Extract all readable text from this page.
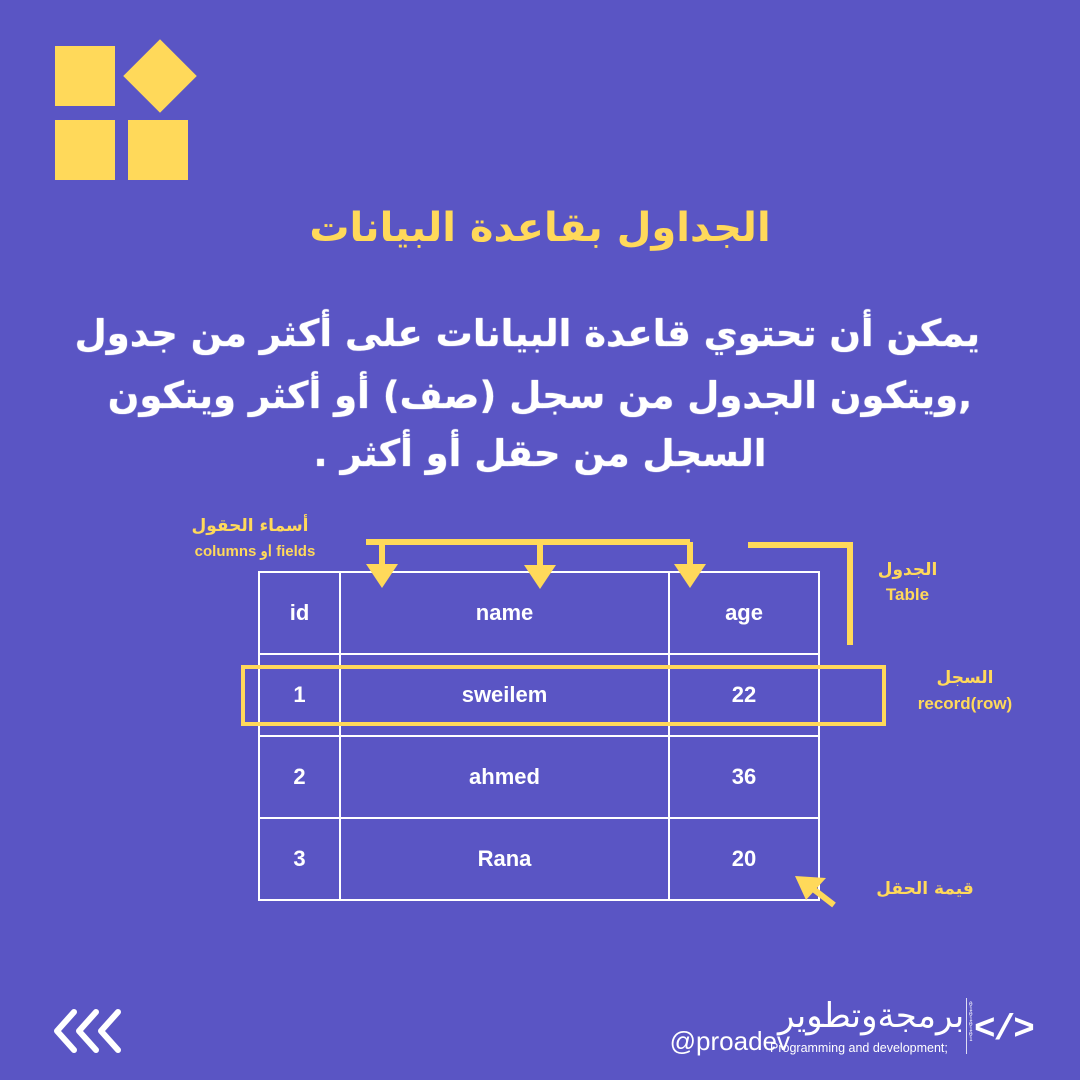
الجداول بقاعدة البيانات
يمكن أن تحتوي قاعدة البيانات على أكثر من جدول
,ويتكون الجدول من سجل (صف) أو أكثر ويتكون
السجل من حقل أو أكثر .
أسماء الحقول
columns او fields
الجدول
Table
السجل
record(row)
قيمة الحقل
id	name	age
1	sweilem	22
2	ahmed	36
3	Rana	20
@proadev
برمجةوتطوير
Programming and development;
01010101 </>
